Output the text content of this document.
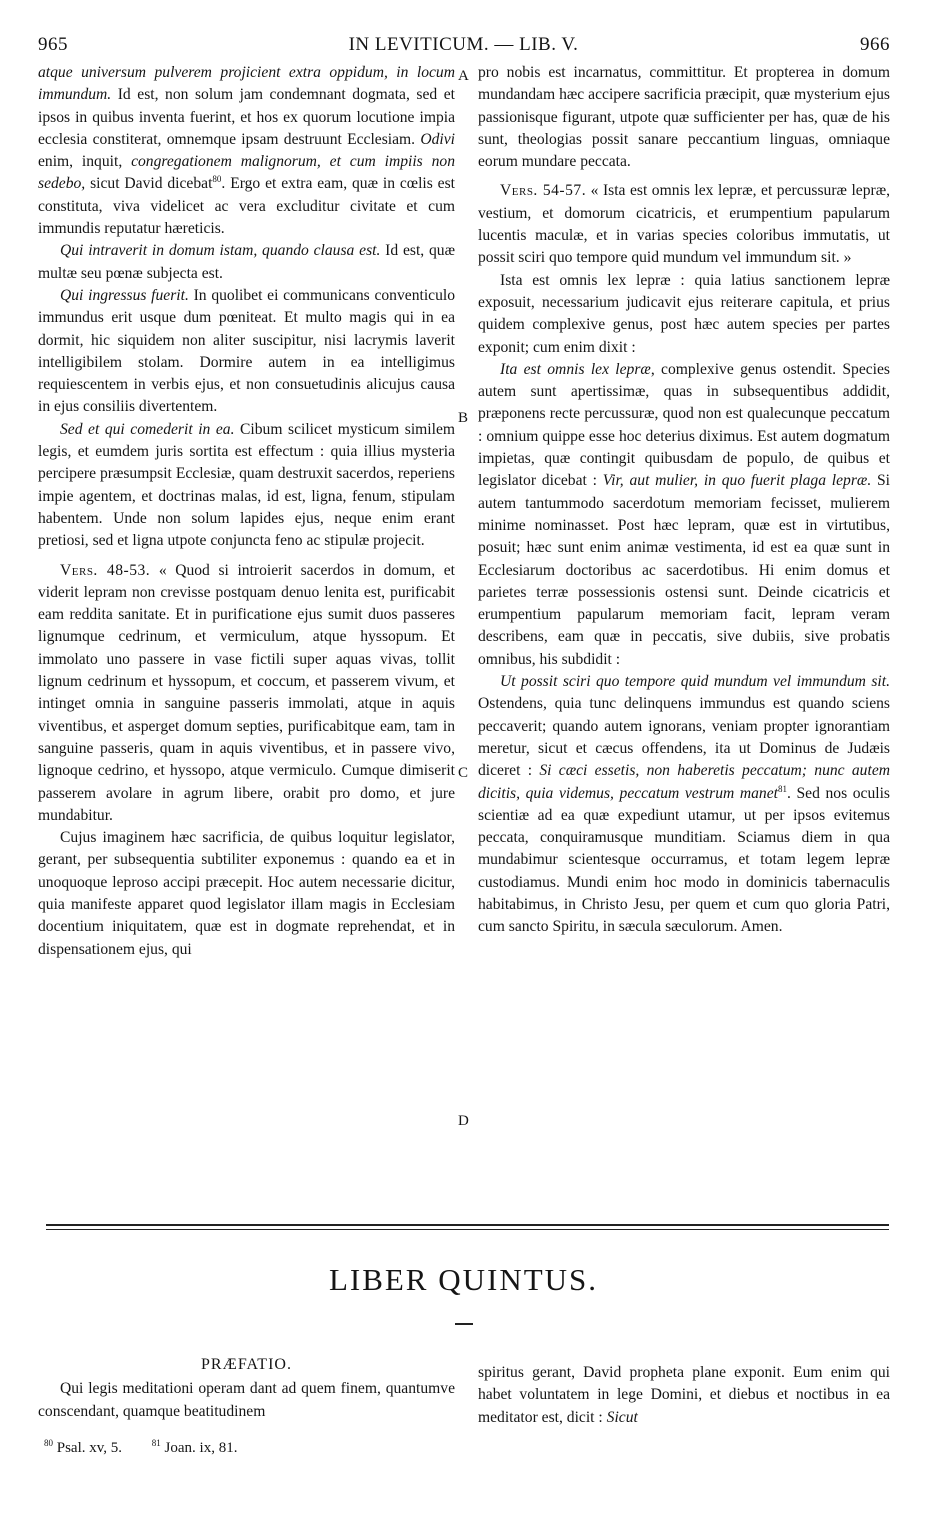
965	IN LEVITICUM. — LIB. V.	966
A
B
C
D

atque universum pulverem projicient extra oppidum, in locum immundum. Id est, non solum jam condemnant dogmata, sed et ipsos in quibus inventa fuerint, et hos ex quorum locutione impia ecclesia constiterat, omnemque ipsam destruunt Ecclesiam. Odivi enim, inquit, congregationem malignorum, et cum impiis non sedebo, sicut David dicebat$^{80}$. Ergo et extra eam, quæ in cœlis est constituta, viva videlicet ac vera excluditur civitate et cum immundis reputatur hæreticis.

Qui intraverit in domum istam, quando clausa est. Id est, quæ multæ seu pœnæ subjecta est.

Qui ingressus fuerit. In quolibet ei communicans conventiculo immundus erit usque dum pœniteat. Et multo magis qui in ea dormit, hic siquidem non aliter suscipitur, nisi lacrymis laverit intelligibilem stolam. Dormire autem in ea intelligimus requiescentem in verbis ejus, et non consuetudinis alicujus causa in ejus consiliis divertentem.

Sed et qui comederit in ea. Cibum scilicet mysticum similem legis, et eumdem juris sortita est effectum : quia illius mysteria percipere præsumpsit Ecclesiæ, quam destruxit sacerdos, reperiens impie agentem, et doctrinas malas, id est, ligna, fenum, stipulam habentem. Unde non solum lapides ejus, neque enim erant pretiosi, sed et ligna utpote conjuncta feno ac stipulæ projecit.

Vers. 48-53. « Quod si introierit sacerdos in domum, et viderit lepram non crevisse postquam denuo lenita est, purificabit eam reddita sanitate. Et in purificatione ejus sumit duos passeres lignumque cedrinum, et vermiculum, atque hyssopum. Et immolato uno passere in vase fictili super aquas vivas, tollit lignum cedrinum et hyssopum, et coccum, et passerem vivum, et intinget omnia in sanguine passeris immolati, atque in aquis viventibus, et asperget domum septies, purificabitque eam, tam in sanguine passeris, quam in aquis viventibus, et in passere vivo, lignoque cedrino, et hyssopo, atque vermiculo. Cumque dimiserit passerem avolare in agrum libere, orabit pro domo, et jure mundabitur.

Cujus imaginem hæc sacrificia, de quibus loquitur legislator, gerant, per subsequentia subtiliter exponemus : quando ea et in unoquoque leproso accipi præcepit. Hoc autem necessarie dicitur, quia manifeste apparet quod legislator illam magis in Ecclesiam docentium iniquitatem, quæ est in dogmate reprehendat, et in dispensationem ejus, qui

pro nobis est incarnatus, committitur. Et propterea in domum mundandam hæc accipere sacrificia præcipit, quæ mysterium ejus passionisque figurant, utpote quæ sufficienter per has, quæ de his sunt, theologias possit sanare peccantium linguas, omniaque eorum mundare peccata.

Vers. 54-57. « Ista est omnis lex lepræ, et percussuræ lepræ, vestium, et domorum cicatricis, et erumpentium papularum lucentis maculæ, et in varias species coloribus immutatis, ut possit sciri quo tempore quid mundum vel immundum sit. »

Ista est omnis lex lepræ : quia latius sanctionem lepræ exposuit, necessarium judicavit ejus reiterare capitula, et prius quidem complexive genus, post hæc autem species per partes exponit; cum enim dixit :

Ita est omnis lex lepræ, complexive genus ostendit. Species autem sunt apertissimæ, quas in subsequentibus addidit, præponens recte percussuræ, quod non est qualecunque peccatum : omnium quippe esse hoc deterius diximus. Est autem dogmatum impietas, quæ contingit quibusdam de populo, de quibus et legislator dicebat : Vir, aut mulier, in quo fuerit plaga lepræ. Si autem tantummodo sacerdotum memoriam fecisset, mulierem minime nominasset. Post hæc lepram, quæ est in virtutibus, posuit; hæc sunt enim animæ vestimenta, id est ea quæ sunt in Ecclesiarum doctoribus ac sacerdotibus. Hi enim domus et parietes terræ possessionis ostensi sunt. Deinde cicatricis et erumpentium papularum memoriam facit, lepram veram describens, eam quæ in peccatis, sive dubiis, sive probatis omnibus, his subdidit :

Ut possit sciri quo tempore quid mundum vel immundum sit. Ostendens, quia tunc delinquens immundus est quando sciens peccaverit; quando autem ignorans, veniam propter ignorantiam meretur, sicut et cæcus offendens, ita ut Dominus de Judæis diceret : Si cæci essetis, non haberetis peccatum; nunc autem dicitis, quia videmus, peccatum vestrum manet$^{81}$. Sed nos oculis scientiæ ad ea quæ expediunt utamur, ut per ipsos evitemus peccata, conquiramusque munditiam. Sciamus diem in qua mundabimur scientesque occurramus, et totam legem lepræ custodiamus. Mundi enim hoc modo in dominicis tabernaculis habitabimus, in Christo Jesu, per quem et cum quo gloria Patri, cum sancto Spiritu, in sæcula sæculorum. Amen.

LIBER QUINTUS.

PRÆFATIO.

Qui legis meditationi operam dant ad quem finem, quantumve conscendant, quamque beatitudinem

spiritus gerant, David propheta plane exponit. Eum enim qui habet voluntatem in lege Domini, et diebus et noctibus in ea meditator est, dicit : Sicut

$^{80}$ Psal. xv, 5.	$^{81}$ Joan. ix, 81.
